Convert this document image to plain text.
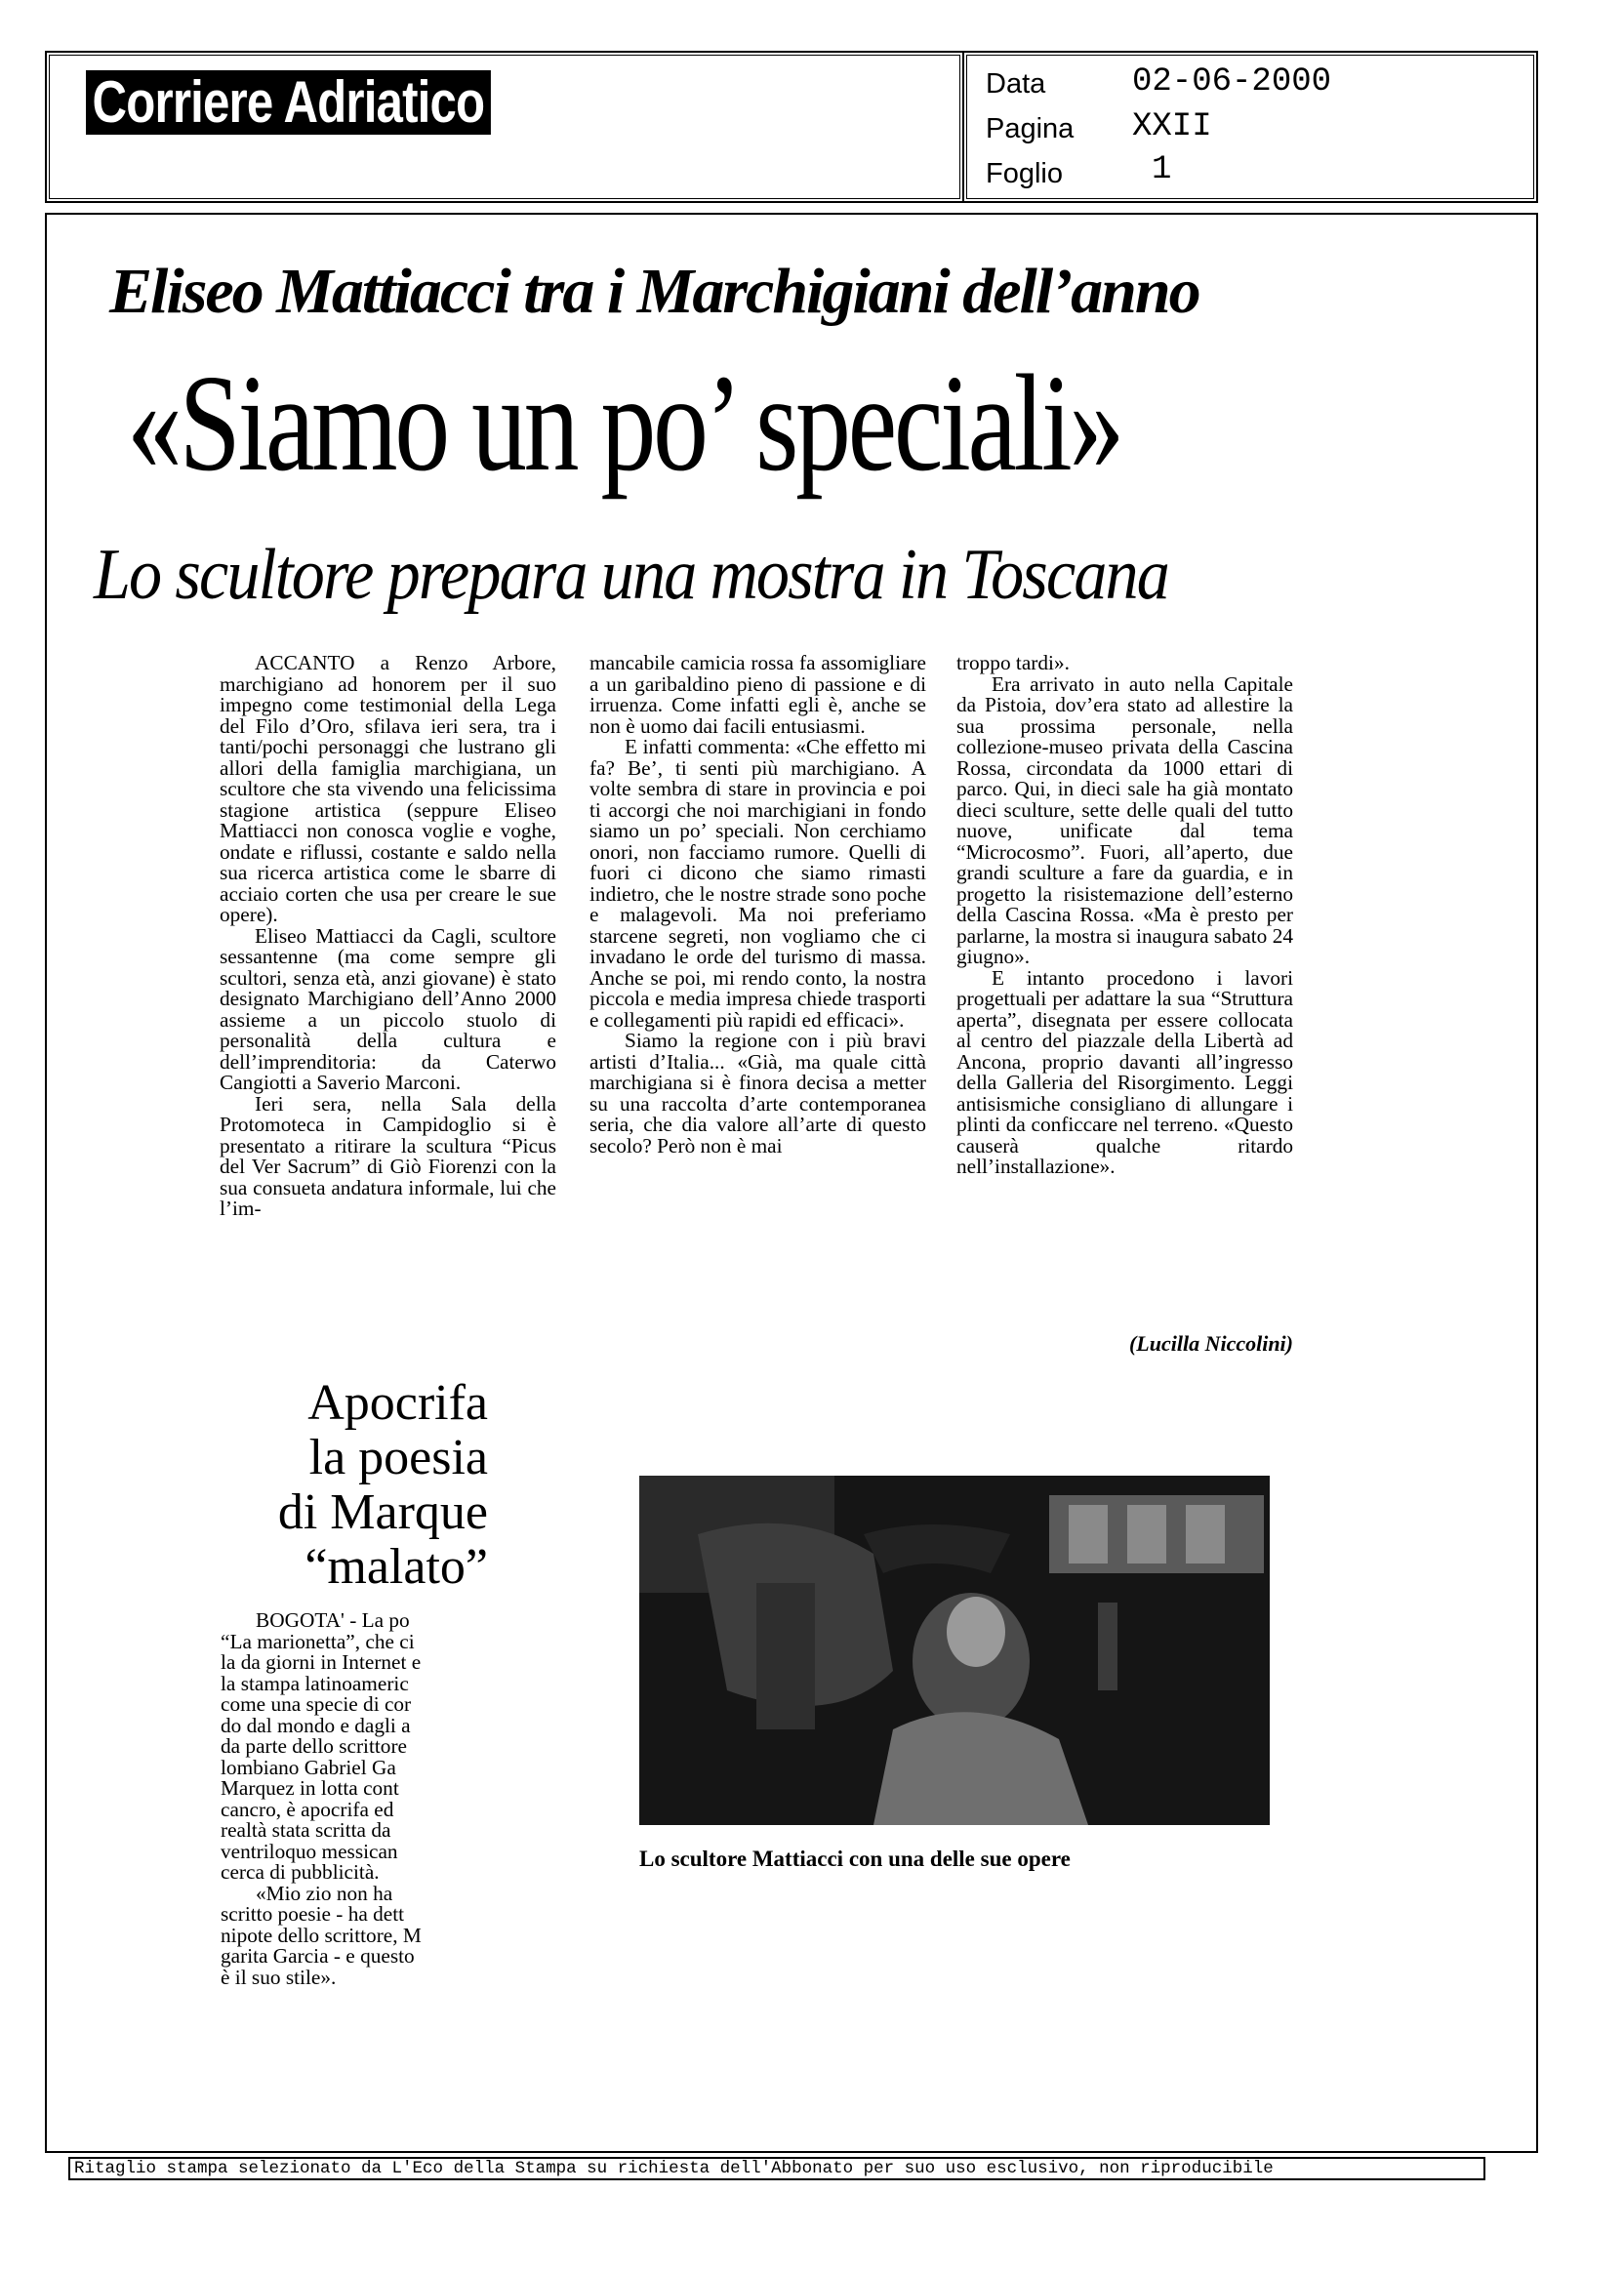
Corriere Adriatico	Data	02-06-2000
Pagina XXII
Foglio	1
Eliseo Mattiacci tra i Marchigiani dell’anno
«Siamo un po’ speciali»
Lo scultore prepara una mostra in Toscana

ACCANTO a Renzo Arbore, marchigiano ad honorem per il suo impegno come testimonial della Lega del Filo d’Oro, sfilava ieri sera, tra i tanti/pochi personaggi che lustrano gli allori della famiglia marchigiana, un scultore che sta vivendo una felicissima stagione artistica (seppure Eliseo Mattiacci non conosca voglie e voghe, ondate e riflussi, costante e saldo nella sua ricerca artistica come le sbarre di acciaio corten che usa per creare le sue opere).

Eliseo Mattiacci da Cagli, scultore sessantenne (ma come sempre gli scultori, senza età, anzi giovane) è stato designato Marchigiano dell’Anno 2000 assieme a un piccolo stuolo di personalità della cultura e dell’imprenditoria: da Caterwo Cangiotti a Saverio Marconi.

Ieri sera, nella Sala della Protomoteca in Campidoglio si è presentato a ritirare la scultura “Picus del Ver Sacrum” di Giò Fiorenzi con la sua consueta andatura informale, lui che l’im-

mancabile camicia rossa fa assomigliare a un garibaldino pieno di passione e di irruenza. Come infatti egli è, anche se non è uomo dai facili entusiasmi.

E infatti commenta: «Che effetto mi fa? Be’, ti senti più marchigiano. A volte sembra di stare in provincia e poi ti accorgi che noi marchigiani in fondo siamo un po’ speciali. Non cerchiamo onori, non facciamo rumore. Quelli di fuori ci dicono che siamo rimasti indietro, che le nostre strade sono poche e malagevoli. Ma noi preferiamo starcene segreti, non vogliamo che ci invadano le orde del turismo di massa. Anche se poi, mi rendo conto, la nostra piccola e media impresa chiede trasporti e collegamenti più rapidi ed efficaci».

Siamo la regione con i più bravi artisti d’Italia... «Già, ma quale città marchigiana si è finora decisa a metter su una raccolta d’arte contemporanea seria, che dia valore all’arte di questo secolo? Però non è mai

troppo tardi».

Era arrivato in auto nella Capitale da Pistoia, dov’era stato ad allestire la sua prossima personale, nella collezione-museo privata della Cascina Rossa, circondata da 1000 ettari di parco. Qui, in dieci sale ha già montato dieci sculture, sette delle quali del tutto nuove, unificate dal tema “Microcosmo”. Fuori, all’aperto, due grandi sculture a fare da guardia, e in progetto la risistemazione dell’esterno della Cascina Rossa. «Ma è presto per parlarne, la mostra si inaugura sabato 24 giugno».

E intanto procedono i lavori progettuali per adattare la sua “Struttura aperta”, disegnata per essere collocata al centro del piazzale della Libertà ad Ancona, proprio davanti all’ingresso della Galleria del Risorgimento. Leggi antisismiche consigliano di allungare i plinti da conficcare nel terreno. «Questo causerà qualche ritardo nell’installazione».

(Lucilla Niccolini)
Apocrifa
la poesia
di Marque
“malato”
BOGOTA' - La po
“La marionetta”, che ci
la da giorni in Internet e
la stampa latinoameric
come una specie di cor
do dal mondo e dagli a
da parte dello scrittore
lombiano Gabriel Ga
Marquez in lotta cont
cancro, è apocrifa ed
realtà stata scritta da
ventriloquo messican
cerca di pubblicità.
«Mio zio non ha
scritto poesie - ha dett
nipote dello scrittore, M
garita Garcia - e questo
è il suo stile».
Lo scultore Mattiacci con una delle sue opere
Ritaglio stampa selezionato da L'Eco della Stampa su richiesta dell'Abbonato per suo uso esclusivo, non riproducibile
